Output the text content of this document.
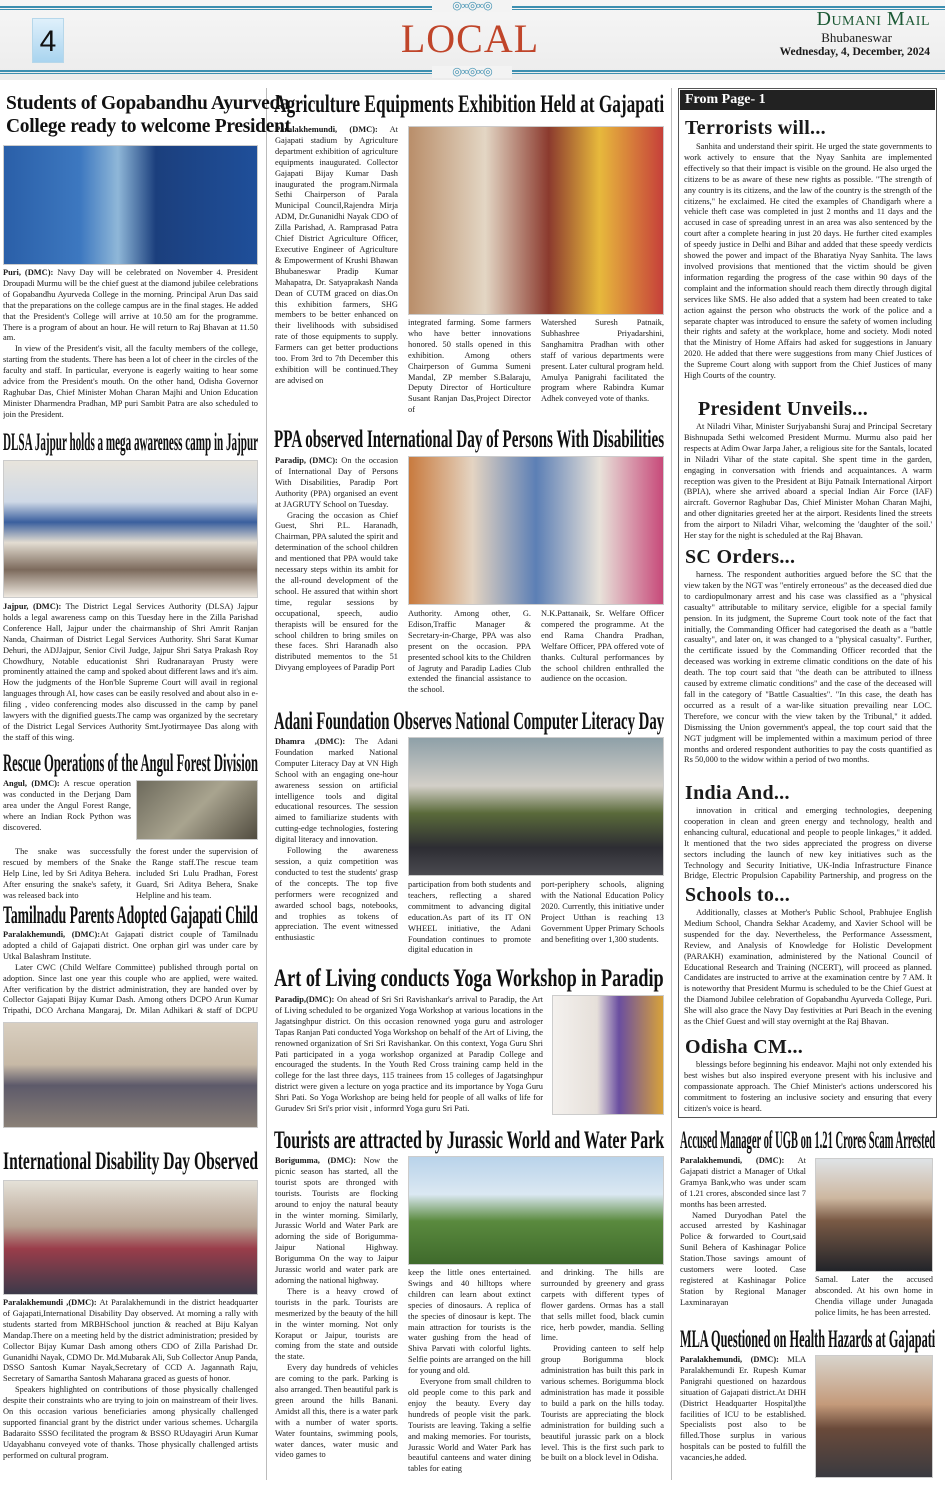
◎∞◎∞◎
◎∞◎∞◎
4	LOCAL	Dumani Mail
Bhubaneswar
Wednesday, 4, December, 2024
Students of Gopabandhu Ayurveda
College ready to welcome President

Puri, (DMC): Navy Day will be celebrated on November 4. President Droupadi Murmu will be the chief guest at the diamond jubilee celebrations of Gopabandhu Ayurveda College in the morning. Principal Arun Das said that the preparations on the college campus are in the final stages. He added that the President's College will arrive at 10.50 am for the programme. There is a program of about an hour. He will return to Raj Bhavan at 11.50 am.

In view of the President's visit, all the faculty members of the college, starting from the students. There has been a lot of cheer in the circles of the faculty and staff. In particular, everyone is eagerly waiting to hear some advice from the President's mouth. On the other hand, Odisha Governor Raghubar Das, Chief Minister Mohan Charan Majhi and Union Education Minister Dharmendra Pradhan, MP puri Sambit Patra are also scheduled to join the President.

DLSA Jajpur holds a mega awareness camp in Jajpur

Jajpur, (DMC): The District Legal Services Authority (DLSA) Jajpur holds a legal awareness camp on this Tuesday here in the Zilla Parishad Conference Hall, Jajpur under the chairmanship of Shri Amrit Ranjan Nanda, Chairman of District Legal Services Authority. Shri Sarat Kumar Dehuri, the ADJJajpur, Senior Civil Judge, Jajpur Shri Satya Prakash Roy Chowdhury, Notable educationist Shri Rudranarayan Prusty were prominently attained the camp and spoked about different laws and it's aim. How the judgments of the Hon'ble Supreme Court will avail in regional languages through AI, how cases can be easily resolved and about also in e-filing , video conferencing modes also discussed in the camp by panel lawyers with the dignified guests.The camp was organized by the secretary of the District Legal Services Authority Smt.Jyotirmayee Das along with the staff of this wing.

Rescue Operations of the Angul Forest Division

Angul, (DMC): A rescue operation was conducted in the Derjang Dam area under the Angul Forest Range, where an Indian Rock Python was discovered.

The snake was successfully rescued by members of the Snake Help Line, led by Sri Aditya Behera. After ensuring the snake's safety, it was released back into

the forest under the supervision of the Range staff.The rescue team included Sri Lulu Pradhan, Forest Guard, Sri Aditya Behera, Snake Helpline and his team.

Tamilnadu Parents Adopted Gajapati Child

Paralakhemundi, (DMC):At Gajapati district couple of Tamilnadu adopted a child of Gajapati district. One orphan girl was under care by Utkal Balashram Institute.

Later CWC (Child Welfare Committee) published through portal on adoption. Since last one year this couple who are applied, were waited. After verification by the district administration, they are handed over by Collector Gajapati Bijay Kumar Dash. Among others DCPO Arun Kumar Tripathi, DCO Archana Mangaraj, Dr. Milan Adhikari & staff of DCPU

International Disability Day Observed

Paralakhemundi ,(DMC): At Paralakhemundi in the district headquarter of Gajapati,International Disability Day observed. At morning a rally with students started from MRBHSchool junction & reached at Biju Kalyan Mandap.There on a meeting held by the district administration; presided by Collector Bijay Kumar Dash among others CDO of Zilla Parishad Dr. Gunanidhi Nayak, CDMO Dr. Md.Mubarak Ali, Sub Collector Anup Panda, DSSO Santosh Kumar Nayak,Secretary of CCD A. Jagannath Raju, Secretary of Samartha Santosh Maharana graced as guests of honor.

Speakers highlighted on contributions of those physically challenged despite their constraints who are trying to join on mainstream of their lives. On this occasion various beneficiaries among physically challenged supported financial grant by the district under various schemes. Uchargila Badaraito SSSO fecilitated the program & BSSO RUdayagiri Arun Kumar Udayabhanu conveyed vote of thanks. Those physically challenged artists performed on cultural program.

Agriculture Equipments Exhibition Held at Gajapati

Paralakhemundi, (DMC): At Gajapati stadium by Agriculture department exhibition of agriculture equipments inaugurated. Collector Gajapati Bijay Kumar Dash inaugurated the program.Nirmala Sethi Chairperson of Parala Municipal Council,Rajendra Mirja ADM, Dr.Gunanidhi Nayak CDO of Zilla Parishad, A. Ramprasad Patra Chief District Agriculture Officer, Executive Engineer of Agriculture & Empowerment of Krushi Bhawan Bhubaneswar Pradip Kumar Mahapatra, Dr. Satyaprakash Nanda Dean of CUTM graced on dias.On this exhibition farmers, SHG members to be better enhanced on their livelihoods with subsidised rate of those equipments to supply. Farmers can get better productions too. From 3rd to 7th December this exhibition will be continued.They are advised on

integrated farming. Some farmers who have better innovations honored. 50 stalls opened in this exhibition. Among others Chairperson of Gumma Sumeni Mandal, ZP member S.Balaraju, Deputy Director of Horticulture Susant Ranjan Das,Project Director of

Watershed Suresh Patnaik, Subhashree Priyadarshini, Sanghamitra Pradhan with other staff of various departments were present. Later cultural program held. Amulya Panigrahi facilitated the program where Rabindra Kumar Adhek conveyed vote of thanks.

PPA observed International Day of Persons With Disabilities

Paradip, (DMC): On the occasion of International Day of Persons With Disabilities, Paradip Port Authority (PPA) organised an event at JAGRUTY School on Tuesday.

Gracing the occasion as Chief Guest, Shri P.L. Haranadh, Chairman, PPA saluted the spirit and determination of the school children and mentioned that PPA would take necessary steps within its ambit for the all-round development of the school. He assured that within short time, regular sessions by occupational, speech, audio therapists will be ensured for the school children to bring smiles on these faces. Shri Haranadh also distributed mementos to the 51 Divyang employees of Paradip Port

Authority. Among other, G. Edison,Traffic Manager & Secretary-in-Charge, PPA was also present on the occasion. PPA presented school kits to the Children of Jagruty and Paradip Ladies Club extended the financial assistance to the school.

N.K.Pattanaik, Sr. Welfare Officer compered the programme. At the end Rama Chandra Pradhan, Welfare Officer, PPA offered vote of thanks. Cultural performances by the school children enthralled the audience on the occasion.

Adani Foundation Observes National Computer Literacy Day

Dhamra ,(DMC): The Adani Foundation marked National Computer Literacy Day at VN High School with an engaging one-hour awareness session on artificial intelligence tools and digital educational resources. The session aimed to familiarize students with cutting-edge technologies, fostering digital literacy and innovation.

Following the awareness session, a quiz competition was conducted to test the students' grasp of the concepts. The top five performers were recognized and awarded school bags, notebooks, and trophies as tokens of appreciation. The event witnessed enthusiastic

participation from both students and teachers, reflecting a shared commitment to advancing digital education.As part of its IT ON WHEEL initiative, the Adani Foundation continues to promote digital education in

port-periphery schools, aligning with the National Education Policy 2020. Currently, this initiative under Project Utthan is reaching 13 Government Upper Primary Schools and benefiting over 1,300 students.

Art of Living conducts Yoga Workshop in Paradip

Paradip,(DMC): On ahead of Sri Sri Ravishankar's arrival to Paradip, the Art of Living scheduled to be organized Yoga Workshop at various locations in the Jagatsinghpur district. On this occasion renowned yoga guru and astrologer Tapas Ranjan Pati conducted Yoga Workshop on behalf of the Art of Living, the renowned organization of Sri Sri Ravishankar. On this context, Yoga Guru Shri Pati participated in a yoga workshop organized at Paradip College and encouraged the students. In the Youth Red Cross training camp held in the college for the last three days, 115 trainees from 15 colleges of Jagatsinghpur district were given a lecture on yoga practice and its importance by Yoga Guru Shri Pati. So Yoga Workshop are being held for people of all walks of life for Gurudev Sri Sri's prior visit , informrd Yoga guru Sri Pati.

Tourists are attracted by Jurassic World and Water Park

Borigumma, (DMC): Now the picnic season has started, all the tourist spots are thronged with tourists. Tourists are flocking around to enjoy the natural beauty in the winter morning. Similarly, Jurassic World and Water Park are adorning the side of Borigumma-Jaipur National Highway. Borigumma On the way to Jaipur Jurassic world and water park are adorning the national highway.

There is a heavy crowd of tourists in the park. Tourists are mesmerized by the beauty of the hill in the winter morning. Not only Koraput or Jaipur, tourists are coming from the state and outside the state.

Every day hundreds of vehicles are coming to the park. Parking is also arranged. Then beautiful park is green around the hills Banani. Amidst all this, there is a water park with a number of water sports. Water fountains, swimming pools, water dances, water music and video games to

keep the little ones entertained. Swings and 40 hilltops where children can learn about extinct species of dinosaurs. A replica of the species of dinosaur is kept. The main attraction for tourists is the water gushing from the head of Shiva Parvati with colorful lights. Selfie points are arranged on the hill for young and old.

Everyone from small children to old people come to this park and enjoy the beauty. Every day hundreds of people visit the park. Tourists are leaving. Taking a selfie and making memories. For tourists, Jurassic World and Water Park has beautiful canteens and water dining tables for eating

and drinking. The hills are surrounded by greenery and grass carpets with different types of flower gardens. Ormas has a stall that sells millet food, black cumin rice, herb powder, mandia. Selling lime.

Providing canteen to self help group Borigumma block administration has built this park in various schemes. Borigumma block administration has made it possible to build a park on the hills today. Tourists are appreciating the block administration for building such a beautiful jurassic park on a block level. This is the first such park to be built on a block level in Odisha.

From Page- 1
Terrorists will...

Sanhita and understand their spirit. He urged the state governments to work actively to ensure that the Nyay Sanhita are implemented effectively so that their impact is visible on the ground. He also urged the citizens to be as aware of these new rights as possible. "The strength of any country is its citizens, and the law of the country is the strength of the citizens," he exclaimed. He cited the examples of Chandigarh where a vehicle theft case was completed in just 2 months and 11 days and the accused in case of spreading unrest in an area was also sentenced by the court after a complete hearing in just 20 days. He further cited examples of speedy justice in Delhi and Bihar and added that these speedy verdicts showed the power and impact of the Bharatiya Nyay Sanhita. The laws involved provisions that mentioned that the victim should be given information regarding the progress of the case within 90 days of the complaint and the information should reach them directly through digital services like SMS. He also added that a system had been created to take action against the person who obstructs the work of the police and a separate chapter was introduced to ensure the safety of women including their rights and safety at the workplace, home and society. Modi noted that the Ministry of Home Affairs had asked for suggestions in January 2020. He added that there were suggestions from many Chief Justices of the Supreme Court along with support from the Chief Justices of many High Courts of the country.

President Unveils...

At Niladri Vihar, Minister Surjyabanshi Suraj and Principal Secretary Bishnupada Sethi welcomed President Murmu. Murmu also paid her respects at Adim Owar Jarpa Jaher, a religious site for the Santals, located in Niladri Vihar of the state capital. She spent time in the garden, engaging in conversation with friends and acquaintances. A warm reception was given to the President at Biju Patnaik International Airport (BPIA), where she arrived aboard a special Indian Air Force (IAF) aircraft. Governor Raghubar Das, Chief Minister Mohan Charan Majhi, and other dignitaries greeted her at the airport. Residents lined the streets from the airport to Niladri Vihar, welcoming the 'daughter of the soil.' Her stay for the night is scheduled at the Raj Bhavan.

SC Orders...

harness. The respondent authorities argued before the SC that the view taken by the NGT was "entirely erroneous" as the deceased died due to cardiopulmonary arrest and his case was classified as a "physical casualty" attributable to military service, eligible for a special family pension. In its judgment, the Supreme Court took note of the fact that initially, the Commanding Officer had categorised the death as a "battle casualty", and later on, it was changed to a "physical casualty". Further, the certificate issued by the Commanding Officer recorded that the deceased was working in extreme climatic conditions on the date of his death. The top court said that "the death can be attributed to illness caused by extreme climatic conditions" and the case of the deceased will fall in the category of "Battle Casualties". "In this case, the death has occurred as a result of a war-like situation prevailing near LOC. Therefore, we concur with the view taken by the Tribunal," it added. Dismissing the Union government's appeal, the top court said that the NGT judgment will be implemented within a maximum period of three months and ordered respondent authorities to pay the costs quantified as Rs 50,000 to the widow within a period of two months.

India And...

innovation in critical and emerging technologies, deepening cooperation in clean and green energy and technology, health and enhancing cultural, educational and people to people linkages," it added. It mentioned that the two sides appreciated the progress on diverse sectors including the launch of new key initiatives such as the Technology and Security Initiative, UK-India Infrastructure Finance Bridge, Electric Propulsion Capability Partnership, and progress on the

Schools to...

Additionally, classes at Mother's Public School, Prabhujee English Medium School, Chandra Sekhar Academy, and Xavier School will be suspended for the day. Nevertheless, the Performance Assessment, Review, and Analysis of Knowledge for Holistic Development (PARAKH) examination, administered by the National Council of Educational Research and Training (NCERT), will proceed as planned. Candidates are instructed to arrive at the examination centre by 7 AM. It is noteworthy that President Murmu is scheduled to be the Chief Guest at the Diamond Jubilee celebration of Gopabandhu Ayurveda College, Puri. She will also grace the Navy Day festivities at Puri Beach in the evening as the Chief Guest and will stay overnight at the Raj Bhavan.

Odisha CM...

blessings before beginning his endeavor. Majhi not only extended his best wishes but also inspired everyone present with his inclusive and compassionate approach. The Chief Minister's actions underscored his commitment to fostering an inclusive society and ensuring that every citizen's voice is heard.

Accused Manager of UGB on 1.21 Crores Scam Arrested

Paralakhemundi, (DMC): At Gajapati district a Manager of Utkal Gramya Bank,who was under scam of 1.21 crores, absconded since last 7 months has been arrested.

Named Duryodhan Patel the accused arrested by Kashinagar Police & forwarded to Court,said Sunil Behera of Kashinagar Police Station.Those savings amount of customers were looted. Case registered at Kashinagar Police Station by Regional Manager Laxminarayan

Samal. Later the accused absconded. At his own home in Chendia village under Junagada police limits, he has been arrested.

MLA Questioned on Health Hazards at Gajapati

Paralakhemundi, (DMC): MLA Paralakhemundi Er. Rupesh Kumar Panigrahi questioned on hazardous situation of Gajapati district.At DHH (District Headquarter Hospital)the facilities of ICU to be established. Specialists post also to be filled.Those surplus in various hospitals can be posted to fulfill the vacancies,he added.
